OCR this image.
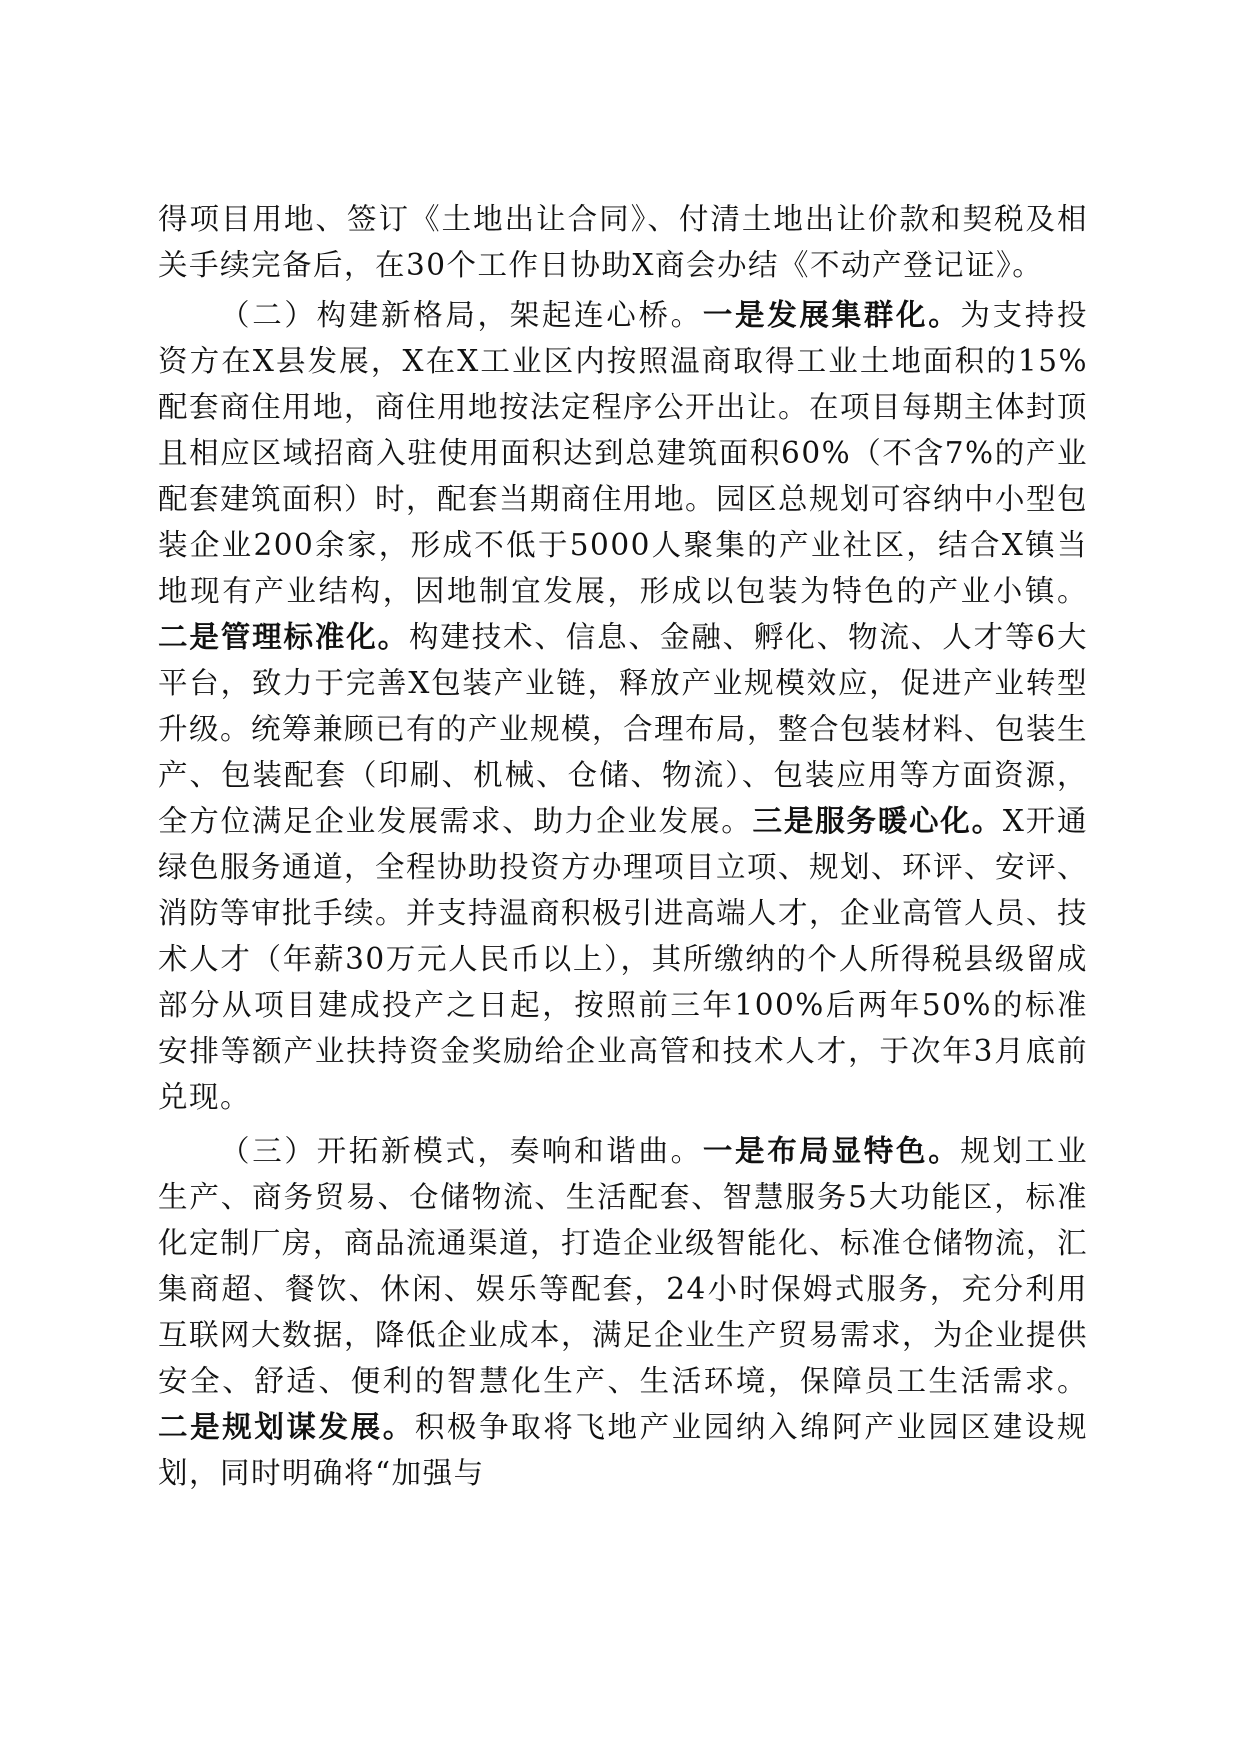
得项目用地、签订《土地出让合同》、付清土地出让价款和契税及相关手续完备后，在30个工作日协助X商会办结《不动产登记证》。

（二）构建新格局，架起连心桥。一是发展集群化。为支持投资方在X县发展，X在X工业区内按照温商取得工业土地面积的15%配套商住用地，商住用地按法定程序公开出让。在项目每期主体封顶且相应区域招商入驻使用面积达到总建筑面积60%（不含7%的产业配套建筑面积）时，配套当期商住用地。园区总规划可容纳中小型包装企业200余家，形成不低于5000人聚集的产业社区，结合X镇当地现有产业结构，因地制宜发展，形成以包装为特色的产业小镇。二是管理标准化。构建技术、信息、金融、孵化、物流、人才等6大平台，致力于完善X包装产业链，释放产业规模效应，促进产业转型升级。统筹兼顾已有的产业规模，合理布局，整合包装材料、包装生产、包装配套（印刷、机械、仓储、物流）、包装应用等方面资源，全方位满足企业发展需求、助力企业发展。三是服务暖心化。X开通绿色服务通道，全程协助投资方办理项目立项、规划、环评、安评、消防等审批手续。并支持温商积极引进高端人才，企业高管人员、技术人才（年薪30万元人民币以上），其所缴纳的个人所得税县级留成部分从项目建成投产之日起，按照前三年100%后两年50%的标准安排等额产业扶持资金奖励给企业高管和技术人才，于次年3月底前兑现。

（三）开拓新模式，奏响和谐曲。一是布局显特色。规划工业生产、商务贸易、仓储物流、生活配套、智慧服务5大功能区，标准化定制厂房，商品流通渠道，打造企业级智能化、标准仓储物流，汇集商超、餐饮、休闲、娱乐等配套，24小时保姆式服务，充分利用互联网大数据，降低企业成本，满足企业生产贸易需求，为企业提供安全、舒适、便利的智慧化生产、生活环境，保障员工生活需求。二是规划谋发展。积极争取将飞地产业园纳入绵阿产业园区建设规划，同时明确将“加强与
